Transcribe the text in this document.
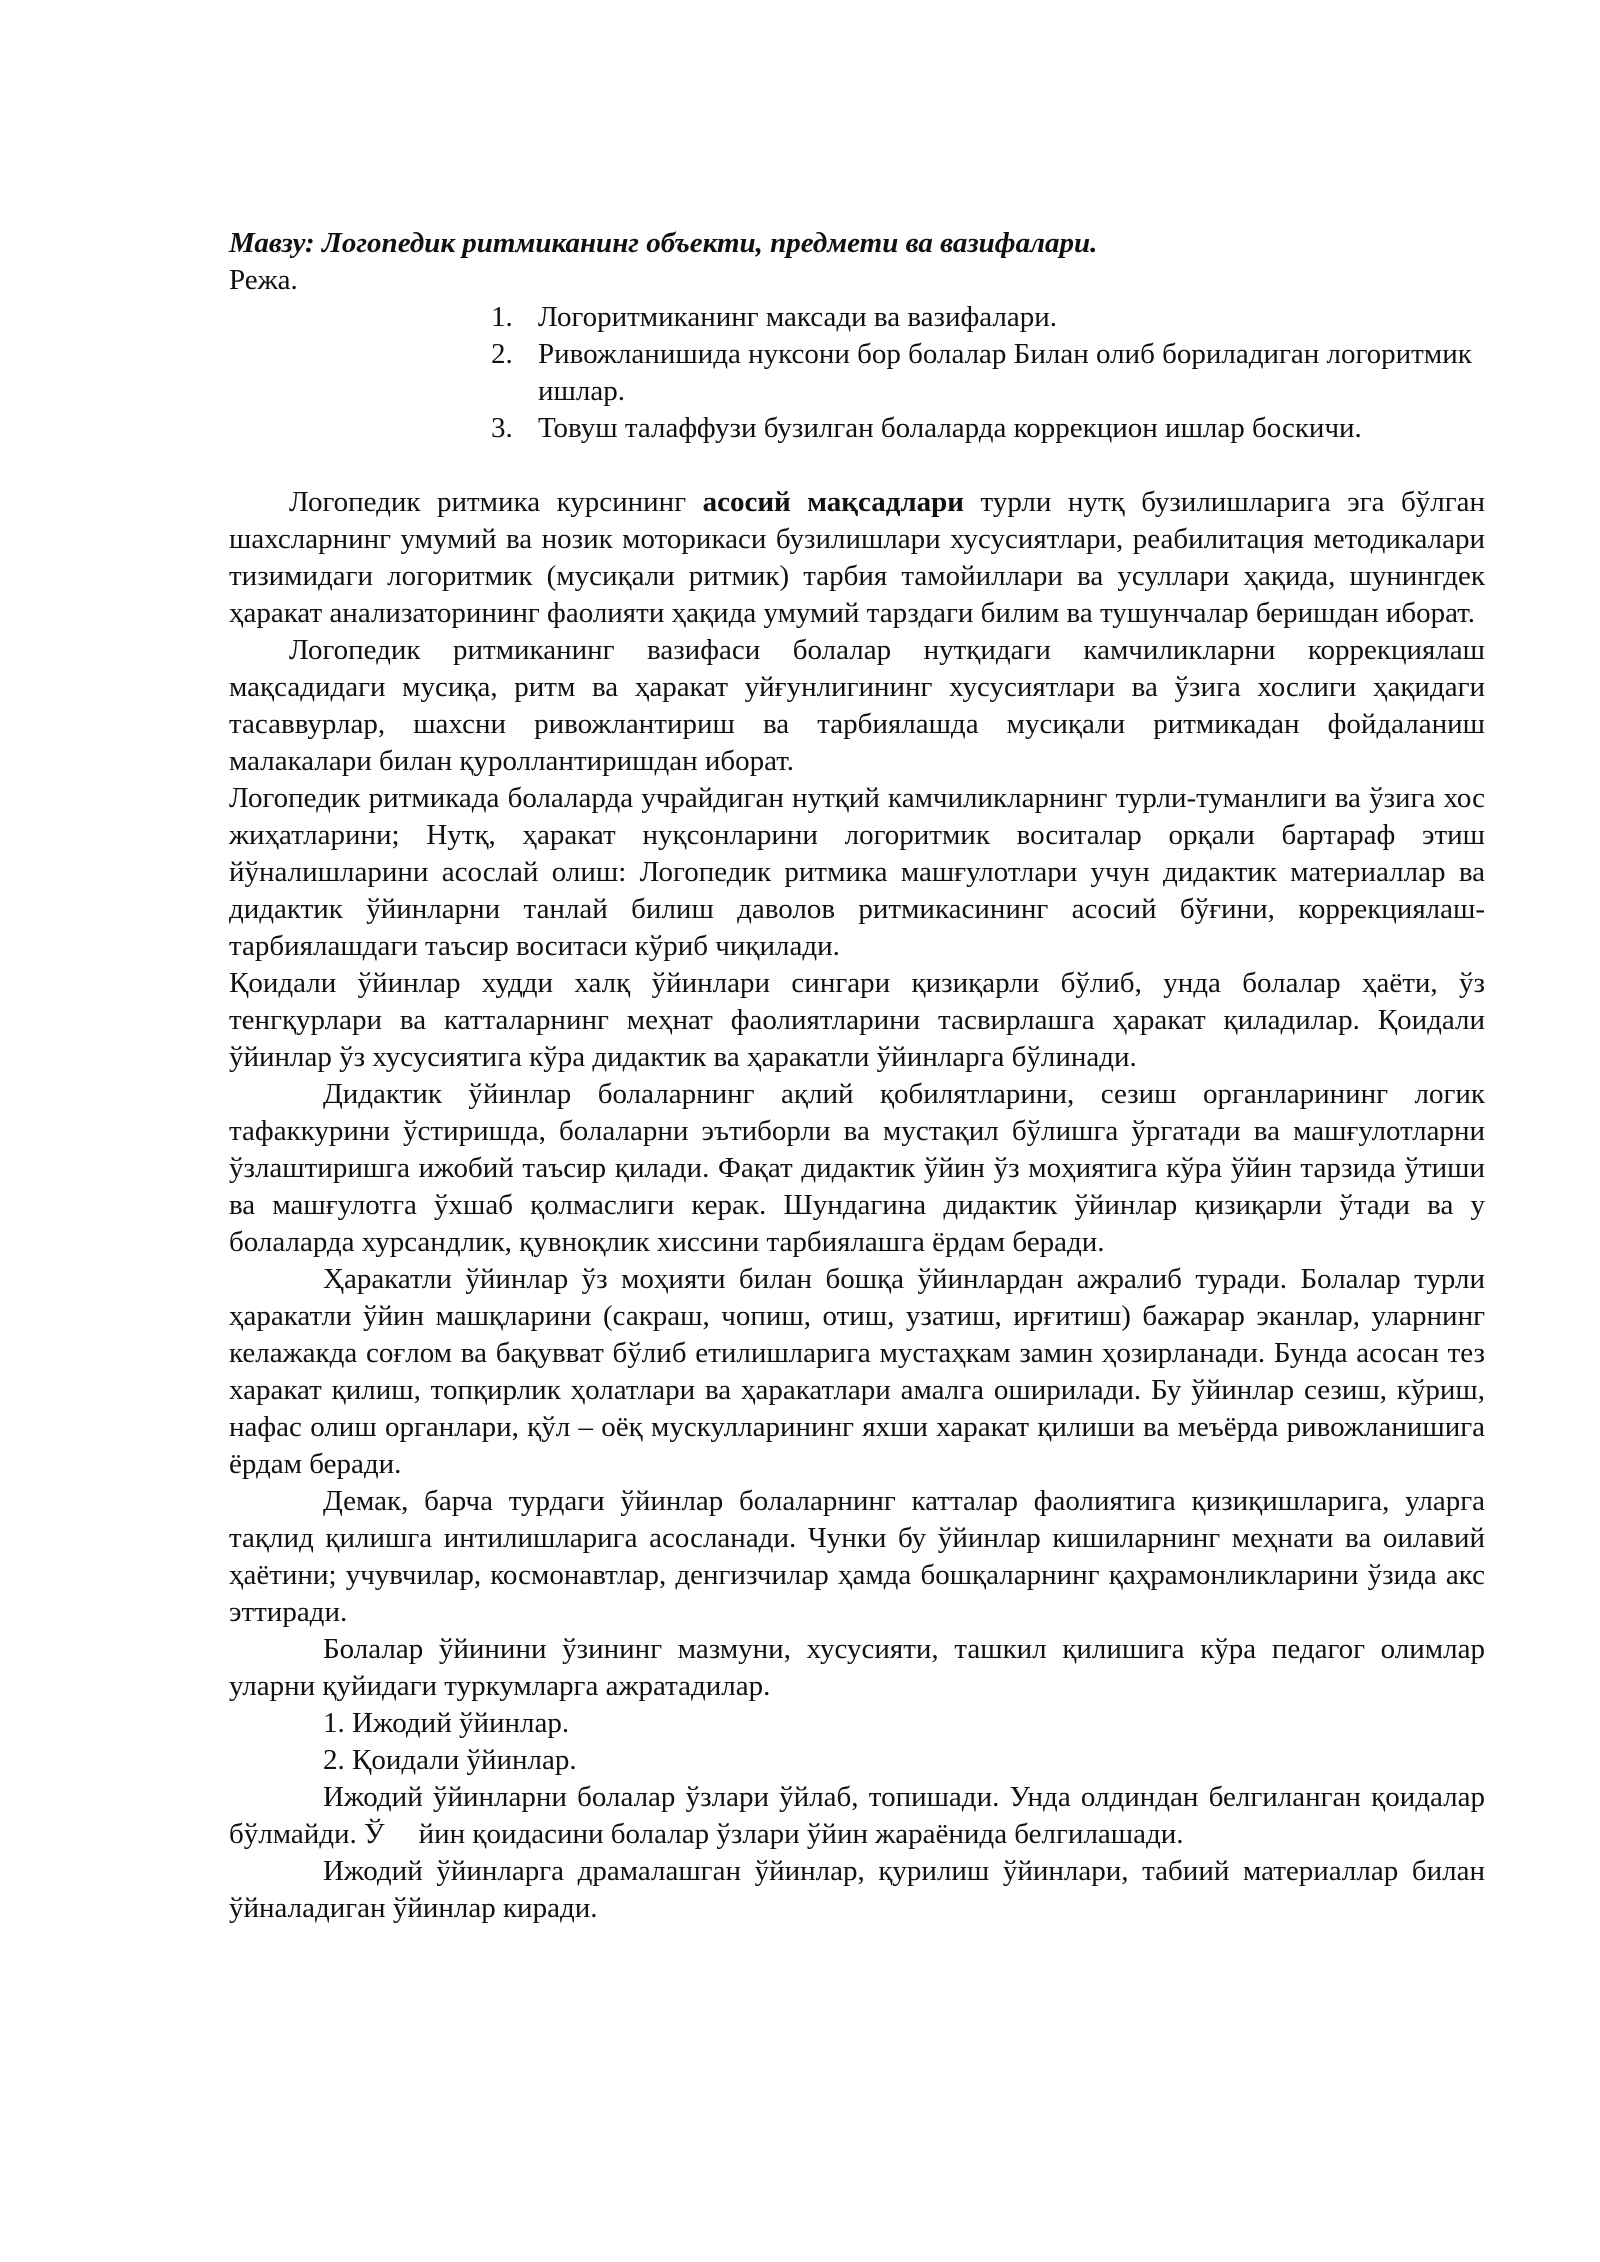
Мавзу: Логопедик ритмиканинг объекти, предмети ва вазифалари.

Режа.

1 . Логоритмиканинг максади ва вазифалари.
2 . Ривожланишида нуксони бор болалар Билан олиб бориладиган логоритмик ишлар.
3 . Товуш талаффузи бузилган болаларда коррекцион ишлар боскичи.

Логопедик ритмика курсининг асосий мақсадлари турли нутқ бузилишларига эга бўлган шахсларнинг умумий ва нозик моторикаси бузилишлари хусусиятлари, реабилитация методикалари тизимидаги логоритмик (мусиқали ритмик) тарбия тамойиллари ва усуллари ҳақида, шунингдек ҳаракат анализаторининг фаолияти ҳақида умумий тарздаги билим ва тушунчалар беришдан иборат.

Логопедик ритмиканинг вазифаси болалар нутқидаги камчиликларни коррекциялаш мақсадидаги мусиқа, ритм ва ҳаракат уйғунлигининг хусусиятлари ва ўзига хослиги ҳақидаги тасаввурлар, шахсни ривожлантириш ва тарбиялашда мусиқали ритмикадан фойдаланиш малакалари билан қуроллантиришдан иборат.

Логопедик ритмикада болаларда учрайдиган нутқий камчиликларнинг турли-туманлиги ва ўзига хос жиҳатларини; Нутқ, ҳаракат нуқсонларини логоритмик воситалар орқали бартараф этиш йўналишларини асослай олиш: Логопедик ритмика машғулотлари учун дидактик материаллар ва дидактик ўйинларни танлай билиш даволов ритмикасининг асосий бўғини, коррекциялаш-тарбиялашдаги таъсир воситаси кўриб чиқилади.

Қоидали ўйинлар худди халқ ўйинлари сингари қизиқарли бўлиб, унда болалар ҳаёти, ўз тенгқурлари ва катталарнинг меҳнат фаолиятларини тасвирлашга ҳаракат қиладилар. Қоидали ўйинлар ўз хусусиятига кўра дидактик ва ҳаракатли ўйинларга бўлинади.

Дидактик ўйинлар болаларнинг ақлий қобилятларини, сезиш органларининг логик тафаккурини ўстиришда, болаларни эътиборли ва мустақил бўлишга ўргатади ва машғулотларни ўзлаштиришга ижобий таъсир қилади. Фақат дидактик ўйин ўз моҳиятига кўра ўйин тарзида ўтиши ва машғулотга ўхшаб қолмаслиги керак. Шундагина дидактик ўйинлар қизиқарли ўтади ва у болаларда хурсандлик, қувноқлик хиссини тарбиялашга ёрдам беради.

Ҳаракатли ўйинлар ўз моҳияти билан бошқа ўйинлардан ажралиб туради. Болалар турли ҳаракатли ўйин машқларини (сакраш, чопиш, отиш, узатиш, ирғитиш) бажарар эканлар, уларнинг келажакда соғлом ва бақувват бўлиб етилишларига мустаҳкам замин ҳозирланади. Бунда асосан тез харакат қилиш, топқирлик ҳолатлари ва ҳаракатлари амалга оширилади. Бу ўйинлар сезиш, кўриш, нафас олиш органлари, қўл – оёқ мускулларининг яхши харакат қилиши ва меъёрда ривожланишига ёрдам беради.

Демак, барча турдаги ўйинлар болаларнинг катталар фаолиятига қизиқишларига, уларга тақлид қилишга интилишларига асосланади. Чунки бу ўйинлар кишиларнинг меҳнати ва оилавий ҳаётини; учувчилар, космонавтлар, денгизчилар ҳамда бошқаларнинг қаҳрамонликларини ўзида акс эттиради.

Болалар ўйинини ўзининг мазмуни, хусусияти, ташкил қилишига кўра педагог олимлар уларни қуйидаги туркумларга ажратадилар.

1. Ижодий ўйинлар.

2. Қоидали ўйинлар.

Ижодий ўйинларни болалар ўзлари ўйлаб, топишади. Унда олдиндан белгиланган қоидалар бўлмайди. Ў йин қоидасини болалар ўзлари ўйин жараёнида белгилашади.

Ижодий ўйинларга драмалашган ўйинлар, қурилиш ўйинлари, табиий материаллар билан ўйналадиган ўйинлар киради.
